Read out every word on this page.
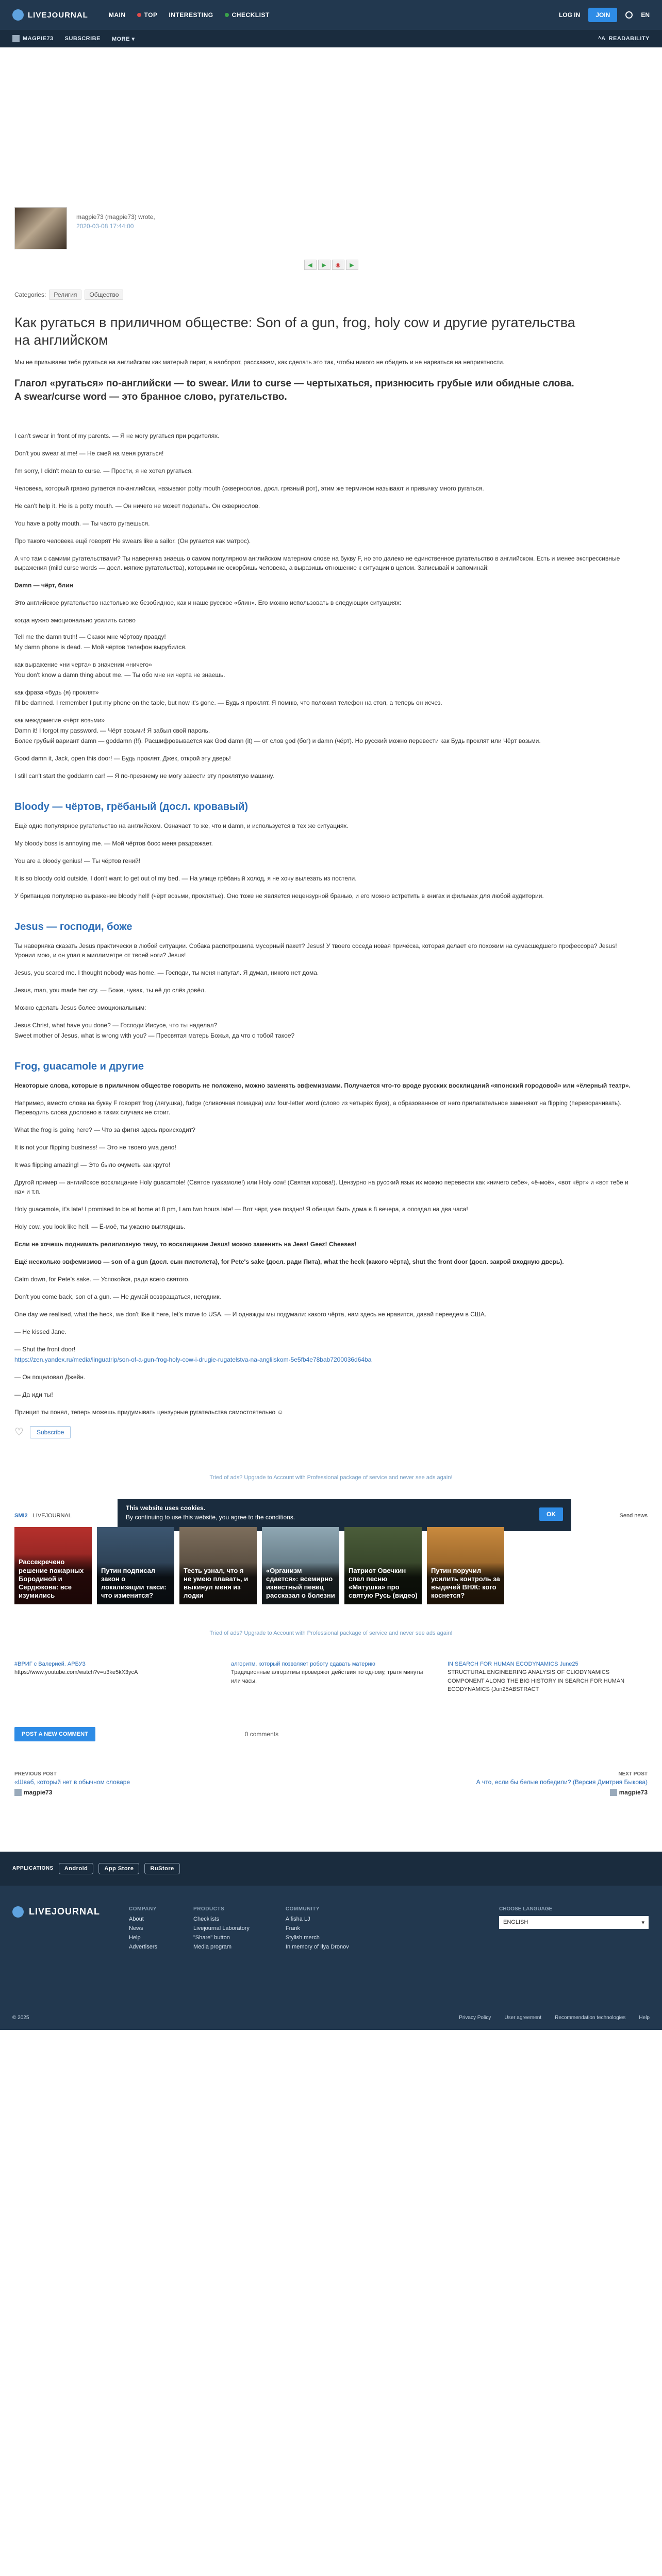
LIVEJOURNAL	MAIN	TOP INTERESTING	CHECKLIST	LOG IN	JOIN	EN
MAGPIE73 SUBSCRIBE MORE ▾	ᴬA READABILITY
magpie73 (magpie73) wrote,
2020-03-08 17:44:00
◀	▶	◉	▶
Categories:	Религия	Общество
Как ругаться в приличном обществе: Son of a gun, frog, holy cow и другие ругательства на английском
Мы не призываем тебя ругаться на английском как матерый пират, а наоборот, расскажем, как сделать это так, чтобы никого не обидеть и не нарваться на неприятности.
Глагол «ругаться» по-английски — to swear. Или to curse — чертыхаться, признюсить грубые или обидные слова. A swear/curse word — это бранное слово, ругательство.
I can't swear in front of my parents. — Я не могу ругаться при родителях.
Don't you swear at me! — Не смей на меня ругаться!
I'm sorry, I didn't mean to curse. — Прости, я не хотел ругаться.
Человека, который грязно ругается по-английски, называют potty mouth (сквернослов, досл. грязный рот), этим же термином называют и привычку много ругаться.
He can't help it. He is a potty mouth. — Он ничего не может поделать. Он сквернослов.
You have a potty mouth. — Ты часто ругаешься.
Про такого человека ещё говорят He swears like a sailor. (Он ругается как матрос).
А что там с самими ругательствами? Ты наверняка знаешь о самом популярном английском матерном слове на букву F, но это далеко не единственное ругательство в английском. Есть и менее экспрессивные выражения (mild curse words — досл. мягкие ругательства), которыми не оскорбишь человека, а выразишь отношение к ситуации в целом. Записывай и запоминай:
Damn — чёрт, блин
Это английское ругательство настолько же безобидное, как и наше русское «блин». Его можно использовать в следующих ситуациях:
когда нужно эмоционально усилить слово
Tell me the damn truth! — Скажи мне чёртову правду!
My damn phone is dead. — Мой чёртов телефон вырубился.
как выражение «ни черта» в значении «ничего»
You don't know a damn thing about me. — Ты обо мне ни черта не знаешь.
как фраза «будь (я) проклят»
I'll be damned. I remember I put my phone on the table, but now it's gone. — Будь я проклят. Я помню, что положил телефон на стол, а теперь он исчез.
как междометие «чёрт возьми»
Damn it! I forgot my password. — Чёрт возьми! Я забыл свой пароль.
Более грубый вариант damn — goddamn (!!). Расшифровывается как God damn (it) — от слов god (бог) и damn (чёрт). Но русский можно перевести как Будь проклят или Чёрт возьми.
Good damn it, Jack, open this door! — Будь проклят, Джек, открой эту дверь!
I still can't start the goddamn car! — Я по-прежнему не могу завести эту проклятую машину.
Bloody — чёртов, грёбаный (досл. кровавый)
Ещё одно популярное ругательство на английском. Означает то же, что и damn, и используется в тех же ситуациях.
My bloody boss is annoying me. — Мой чёртов босс меня раздражает.
You are a bloody genius! — Ты чёртов гений!
It is so bloody cold outside, I don't want to get out of my bed. — На улице грёбаный холод, я не хочу вылезать из постели.
У британцев популярно выражение bloody hell! (чёрт возьми, проклятье). Оно тоже не является нецензурной бранью, и его можно встретить в книгах и фильмах для любой аудитории.
Jesus — господи, боже
Ты наверняка сказать Jesus практически в любой ситуации. Собака распотрошила мусорный пакет? Jesus! У твоего соседа новая причёска, которая делает его похожим на сумасшедшего профессора? Jesus! Уронил мою, и он упал в миллиметре от твоей ноги? Jesus!
Jesus, you scared me. I thought nobody was home. — Господи, ты меня напугал. Я думал, никого нет дома.
Jesus, man, you made her cry. — Боже, чувак, ты её до слёз довёл.
Можно сделать Jesus более эмоциональным:
Jesus Christ, what have you done? — Господи Иисусе, что ты наделал?
Sweet mother of Jesus, what is wrong with you? — Пресвятая матерь Божья, да что с тобой такое?
Frog, guacamole и другие
Некоторые слова, которые в приличном обществе говорить не положено, можно заменять эвфемизмами. Получается что-то вроде русских восклицаний «японский городовой» или «ёлерный театр».
Например, вместо слова на букву F говорят frog (лягушка), fudge (сливочная помадка) или four-letter word (слово из четырёх букв), а образованное от него прилагательное заменяют на flipping (переворачивать). Переводить слова дословно в таких случаях не стоит.
What the frog is going here? — Что за фигня здесь происходит?
It is not your flipping business! — Это не твоего ума дело!
It was flipping amazing! — Это было очуметь как круто!
Другой пример — английское восклицание Holy guacamole! (Святое гуакамоле!) или Holy cow! (Святая корова!). Цензурно на русский язык их можно перевести как «ничего себе», «ё-моё», «вот чёрт» и «вот тебе и на» и т.п.
Holy guacamole, it's late! I promised to be at home at 8 pm, I am two hours late! — Вот чёрт, уже поздно! Я обещал быть дома в 8 вечера, а опоздал на два часа!
Holy cow, you look like hell. — Ё-моё, ты ужасно выглядишь.
Если не хочешь поднимать религиозную тему, то восклицание Jesus! можно заменить на Jees! Geez! Cheeses!
Ещё несколько эвфемизмов — son of a gun (досл. сын пистолета), for Pete's sake (досл. ради Пита), what the heck (какого чёрта), shut the front door (досл. закрой входную дверь).
Calm down, for Pete's sake. — Успокойся, ради всего святого.
Don't you come back, son of a gun. — Не думай возвращаться, негодник.
One day we realised, what the heck, we don't like it here, let's move to USA. — И однажды мы подумали: какого чёрта, нам здесь не нравится, давай переедем в США.
— He kissed Jane.
— Shut the front door!
https://zen.yandex.ru/media/linguatrip/son-of-a-gun-frog-holy-cow-i-drugie-rugatelstva-na-angliiskom-5e5fb4e78bab7200036d64ba
— Он поцеловал Джейн.
— Да иди ты!
Принцип ты понял, теперь можешь придумывать цензурные ругательства самостоятельно ☺
♡
Subscribe
Tried of ads? Upgrade to Account with Professional package of service and never see ads again!
This website uses cookies.
By continuing to use this website, you agree to the conditions.	OK
SMI2 LIVEJOURNAL	Send news
Рассекречено решение пожарных Бородиной и Сердюкова: все изумились
Путин подписал закон о локализации такси: что изменится?
Тесть узнал, что я не умею плавать, и выкинул меня из лодки
«Организм сдается»: всемирно известный певец рассказал о болезни
Патриот Овечкин спел песню «Матушка» про святую Русь (видео)
Путин поручил усилить контроль за выдачей ВНЖ: кого коснется?
Tried of ads? Upgrade to Account with Professional package of service and never see ads again!
#ВРИГ с Валерией. АРБУЗ
https://www.youtube.com/watch?v=u3ke5kX3ycA
алгоритм, который позволяет роботу сдавать материю
Традиционные алгоритмы проверяют действия по одному, тратя минуты или часы.
IN SEARCH FOR HUMAN ECODYNAMICS June25
STRUCTURAL ENGINEERING ANALYSIS OF CLIODYNAMICS COMPONENT ALONG THE BIG HISTORY IN SEARCH FOR HUMAN ECODYNAMICS (Jun25ABSTRACT
POST A NEW COMMENT	0 comments
PREVIOUS POST
«Шваб, который нет в обычном словаре
magpie73
NEXT POST
А что, если бы белые победили? (Версия Дмитрия Быкова)
magpie73
APPLICATIONS	Android	App Store	RuStore
LIVEJOURNAL	COMPANY
About
News
Help
Advertisers
PRODUCTS
Checklists
Livejournal Laboratory
"Share" button
Media program
COMMUNITY
Alfisha LJ
Frank
Stylish merch
In memory of Ilya Dronov
CHOOSE LANGUAGE
ENGLISH	▾
© 2025	Privacy Policy	User agreement	Recommendation technologies	Help
